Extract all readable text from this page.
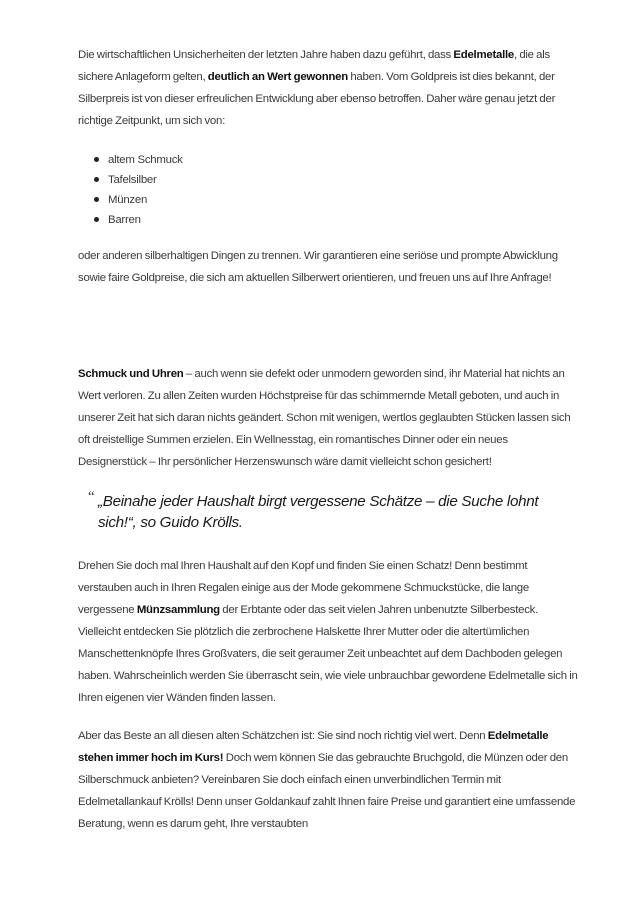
Die wirtschaftlichen Unsicherheiten der letzten Jahre haben dazu geführt, dass Edelmetalle, die als sichere Anlageform gelten, deutlich an Wert gewonnen haben. Vom Goldpreis ist dies bekannt, der Silberpreis ist von dieser erfreulichen Entwicklung aber ebenso betroffen. Daher wäre genau jetzt der richtige Zeitpunkt, um sich von:

altem Schmuck
Tafelsilber
Münzen
Barren

oder anderen silberhaltigen Dingen zu trennen. Wir garantieren eine seriöse und prompte Abwicklung sowie faire Goldpreise, die sich am aktuellen Silberwert orientieren, und freuen uns auf Ihre Anfrage!

Schmuck und Uhren – auch wenn sie defekt oder unmodern geworden sind, ihr Material hat nichts an Wert verloren. Zu allen Zeiten wurden Höchstpreise für das schimmernde Metall geboten, und auch in unserer Zeit hat sich daran nichts geändert. Schon mit wenigen, wertlos geglaubten Stücken lassen sich oft dreistellige Summen erzielen. Ein Wellnesstag, ein romantisches Dinner oder ein neues Designerstück – Ihr persönlicher Herzenswunsch wäre damit vielleicht schon gesichert!

“ „Beinahe jeder Haushalt birgt vergessene Schätze – die Suche lohnt sich!“, so Guido Krölls.

Drehen Sie doch mal Ihren Haushalt auf den Kopf und finden Sie einen Schatz! Denn bestimmt verstauben auch in Ihren Regalen einige aus der Mode gekommene Schmuckstücke, die lange vergessene Münzsammlung der Erbtante oder das seit vielen Jahren unbenutzte Silberbesteck. Vielleicht entdecken Sie plötzlich die zerbrochene Halskette Ihrer Mutter oder die altertümlichen Manschettenknöpfe Ihres Großvaters, die seit geraumer Zeit unbeachtet auf dem Dachboden gelegen haben. Wahrscheinlich werden Sie überrascht sein, wie viele unbrauchbar gewordene Edelmetalle sich in Ihren eigenen vier Wänden finden lassen.

Aber das Beste an all diesen alten Schätzchen ist: Sie sind noch richtig viel wert. Denn Edelmetalle stehen immer hoch im Kurs! Doch wem können Sie das gebrauchte Bruchgold, die Münzen oder den Silberschmuck anbieten? Vereinbaren Sie doch einfach einen unverbindlichen Termin mit Edelmetallankauf Krölls! Denn unser Goldankauf zahlt Ihnen faire Preise und garantiert eine umfassende Beratung, wenn es darum geht, Ihre verstaubten
